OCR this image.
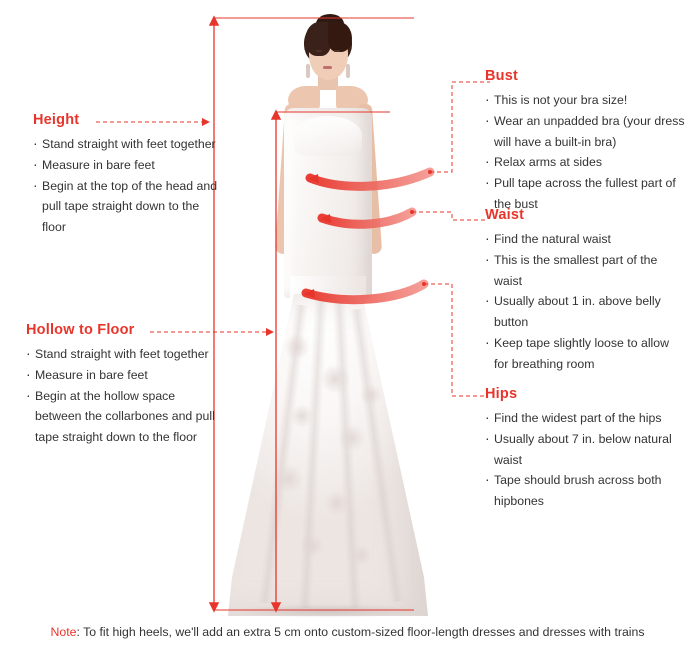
Height
· Stand straight with feet together
· Measure in bare feet
· Begin at the top of the head and pull tape straight down to the floor
Hollow to Floor
· Stand straight with feet together
· Measure in bare feet
· Begin at the hollow space between the collarbones and pull tape straight down to the floor
Bust
· This is not your bra size!
· Wear an unpadded bra (your dress will have a built-in bra)
· Relax arms at sides
· Pull tape across the fullest part of the bust
Waist
· Find the natural waist
· This is the smallest part of the waist
· Usually about 1 in. above belly button
· Keep tape slightly loose to allow for breathing room
Hips
· Find the widest part of the hips
· Usually about 7 in. below natural waist
· Tape should brush across both hipbones
Note: To fit high heels, we'll add an extra 5 cm onto custom-sized floor-length dresses and dresses with trains
